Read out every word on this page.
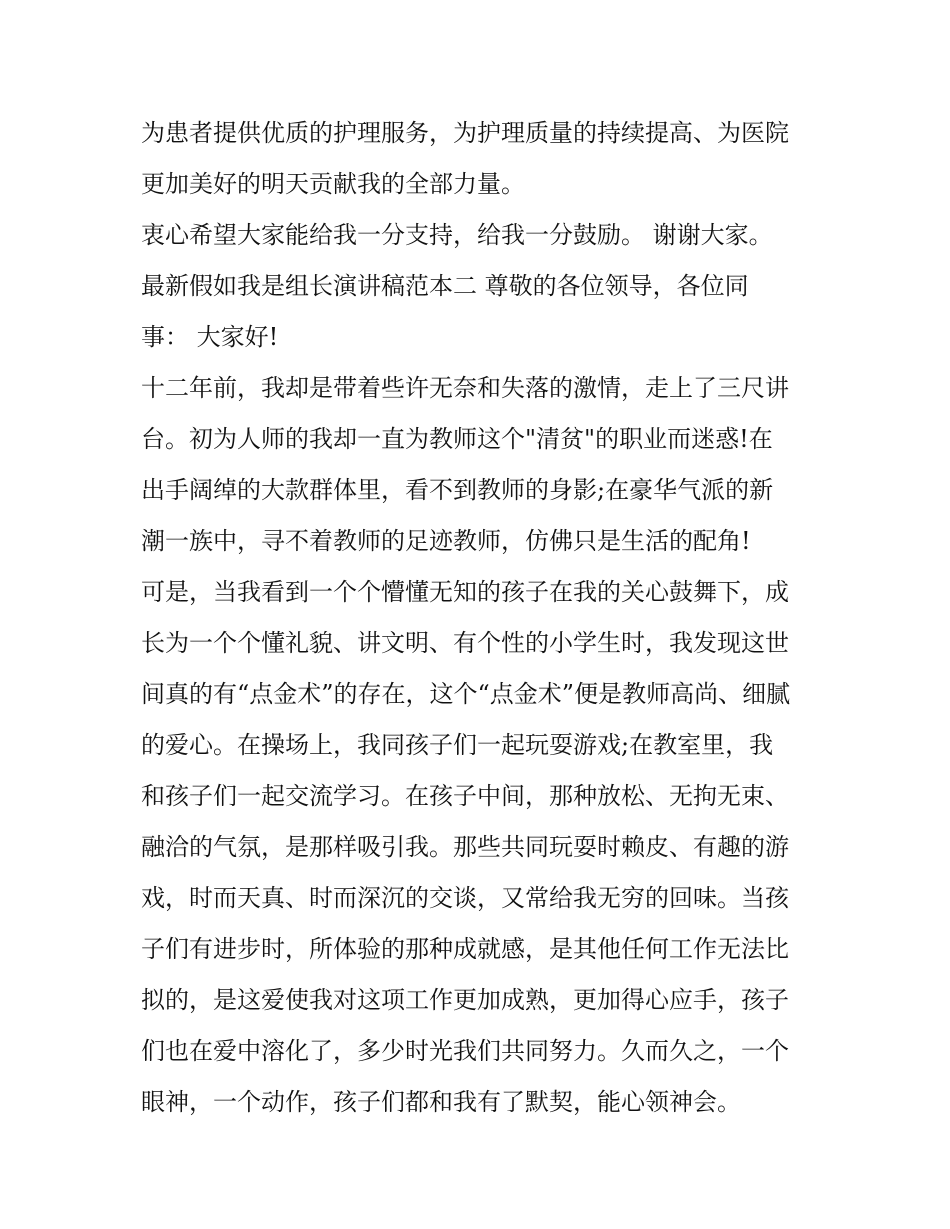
为患者提供优质的护理服务，为护理质量的持续提高、为医院
更加美好的明天贡献我的全部力量。
衷心希望大家能给我一分支持，给我一分鼓励。 谢谢大家。
最新假如我是组长演讲稿范本二 尊敬的各位领导，各位同
事： 大家好!
十二年前，我却是带着些许无奈和失落的激情，走上了三尺讲
台。初为人师的我却一直为教师这个"清贫"的职业而迷惑!在
出手阔绰的大款群体里，看不到教师的身影;在豪华气派的新
潮一族中，寻不着教师的足迹教师，仿佛只是生活的配角!
可是，当我看到一个个懵懂无知的孩子在我的关心鼓舞下，成
长为一个个懂礼貌、讲文明、有个性的小学生时，我发现这世
间真的有“点金术”的存在，这个“点金术”便是教师高尚、细腻
的爱心。在操场上，我同孩子们一起玩耍游戏;在教室里，我
和孩子们一起交流学习。在孩子中间，那种放松、无拘无束、
融洽的气氛，是那样吸引我。那些共同玩耍时赖皮、有趣的游
戏，时而天真、时而深沉的交谈，又常给我无穷的回味。当孩
子们有进步时，所体验的那种成就感，是其他任何工作无法比
拟的，是这爱使我对这项工作更加成熟，更加得心应手，孩子
们也在爱中溶化了，多少时光我们共同努力。久而久之，一个
眼神，一个动作，孩子们都和我有了默契，能心领神会。
